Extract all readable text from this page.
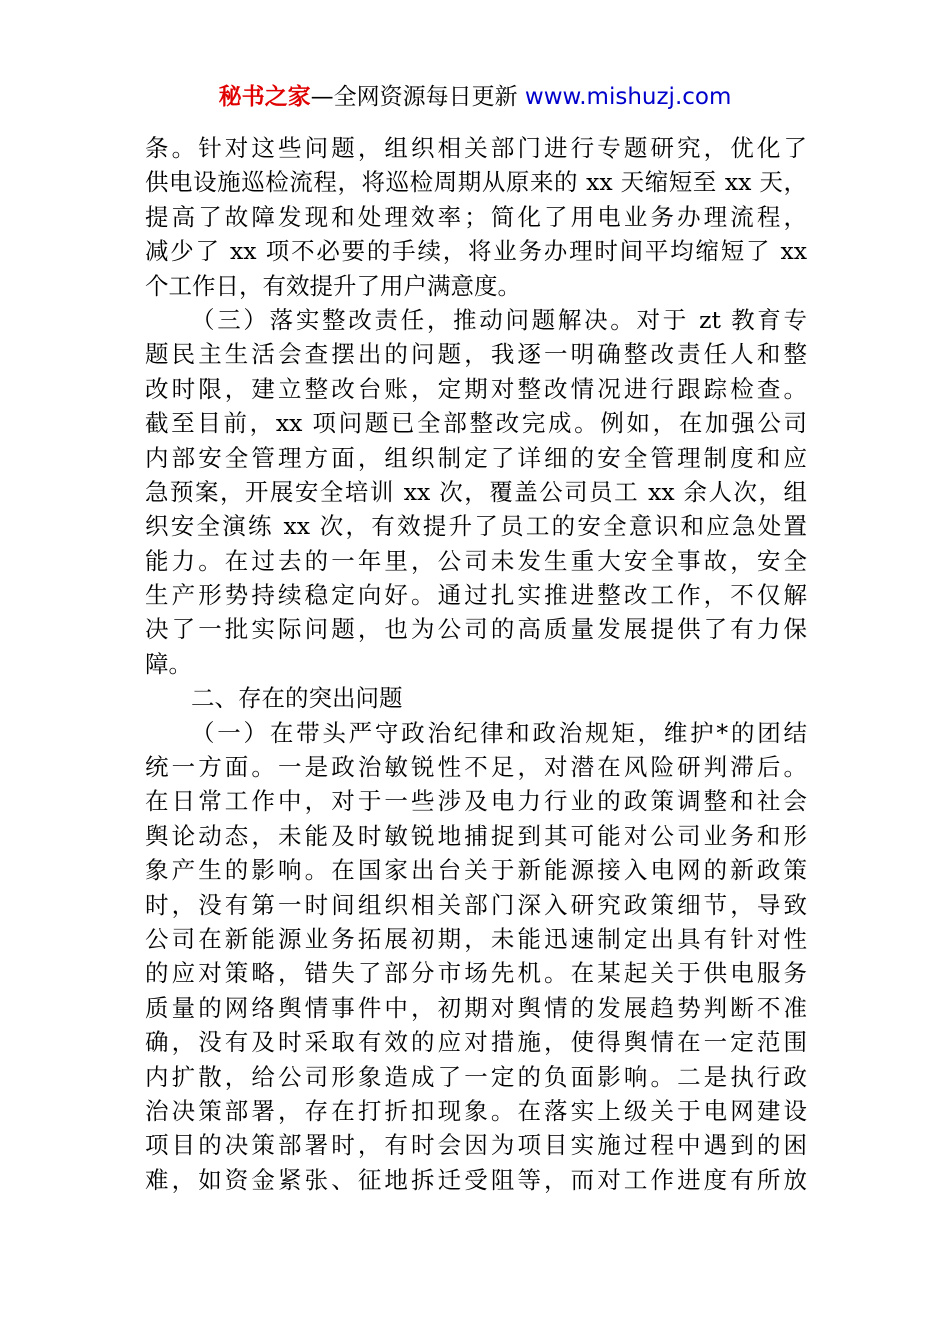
秘书之家—全网资源每日更新 www.mishuzj.com
条。针对这些问题，组织相关部门进行专题研究，优化了
供电设施巡检流程，将巡检周期从原来的 xx 天缩短至 xx 天，
提高了故障发现和处理效率；简化了用电业务办理流程，
减少了 xx 项不必要的手续，将业务办理时间平均缩短了 xx
个工作日，有效提升了用户满意度。
（三）落实整改责任，推动问题解决。对于 zt 教育专
题民主生活会查摆出的问题，我逐一明确整改责任人和整
改时限，建立整改台账，定期对整改情况进行跟踪检查。
截至目前，xx 项问题已全部整改完成。例如，在加强公司
内部安全管理方面，组织制定了详细的安全管理制度和应
急预案，开展安全培训 xx 次，覆盖公司员工 xx 余人次，组
织安全演练 xx 次，有效提升了员工的安全意识和应急处置
能力。在过去的一年里，公司未发生重大安全事故，安全
生产形势持续稳定向好。通过扎实推进整改工作，不仅解
决了一批实际问题，也为公司的高质量发展提供了有力保
障。
二、存在的突出问题
（一）在带头严守政治纪律和政治规矩，维护*的团结
统一方面。一是政治敏锐性不足，对潜在风险研判滞后。
在日常工作中，对于一些涉及电力行业的政策调整和社会
舆论动态，未能及时敏锐地捕捉到其可能对公司业务和形
象产生的影响。在国家出台关于新能源接入电网的新政策
时，没有第一时间组织相关部门深入研究政策细节，导致
公司在新能源业务拓展初期，未能迅速制定出具有针对性
的应对策略，错失了部分市场先机。在某起关于供电服务
质量的网络舆情事件中，初期对舆情的发展趋势判断不准
确，没有及时采取有效的应对措施，使得舆情在一定范围
内扩散，给公司形象造成了一定的负面影响。二是执行政
治决策部署，存在打折扣现象。在落实上级关于电网建设
项目的决策部署时，有时会因为项目实施过程中遇到的困
难，如资金紧张、征地拆迁受阻等，而对工作进度有所放
